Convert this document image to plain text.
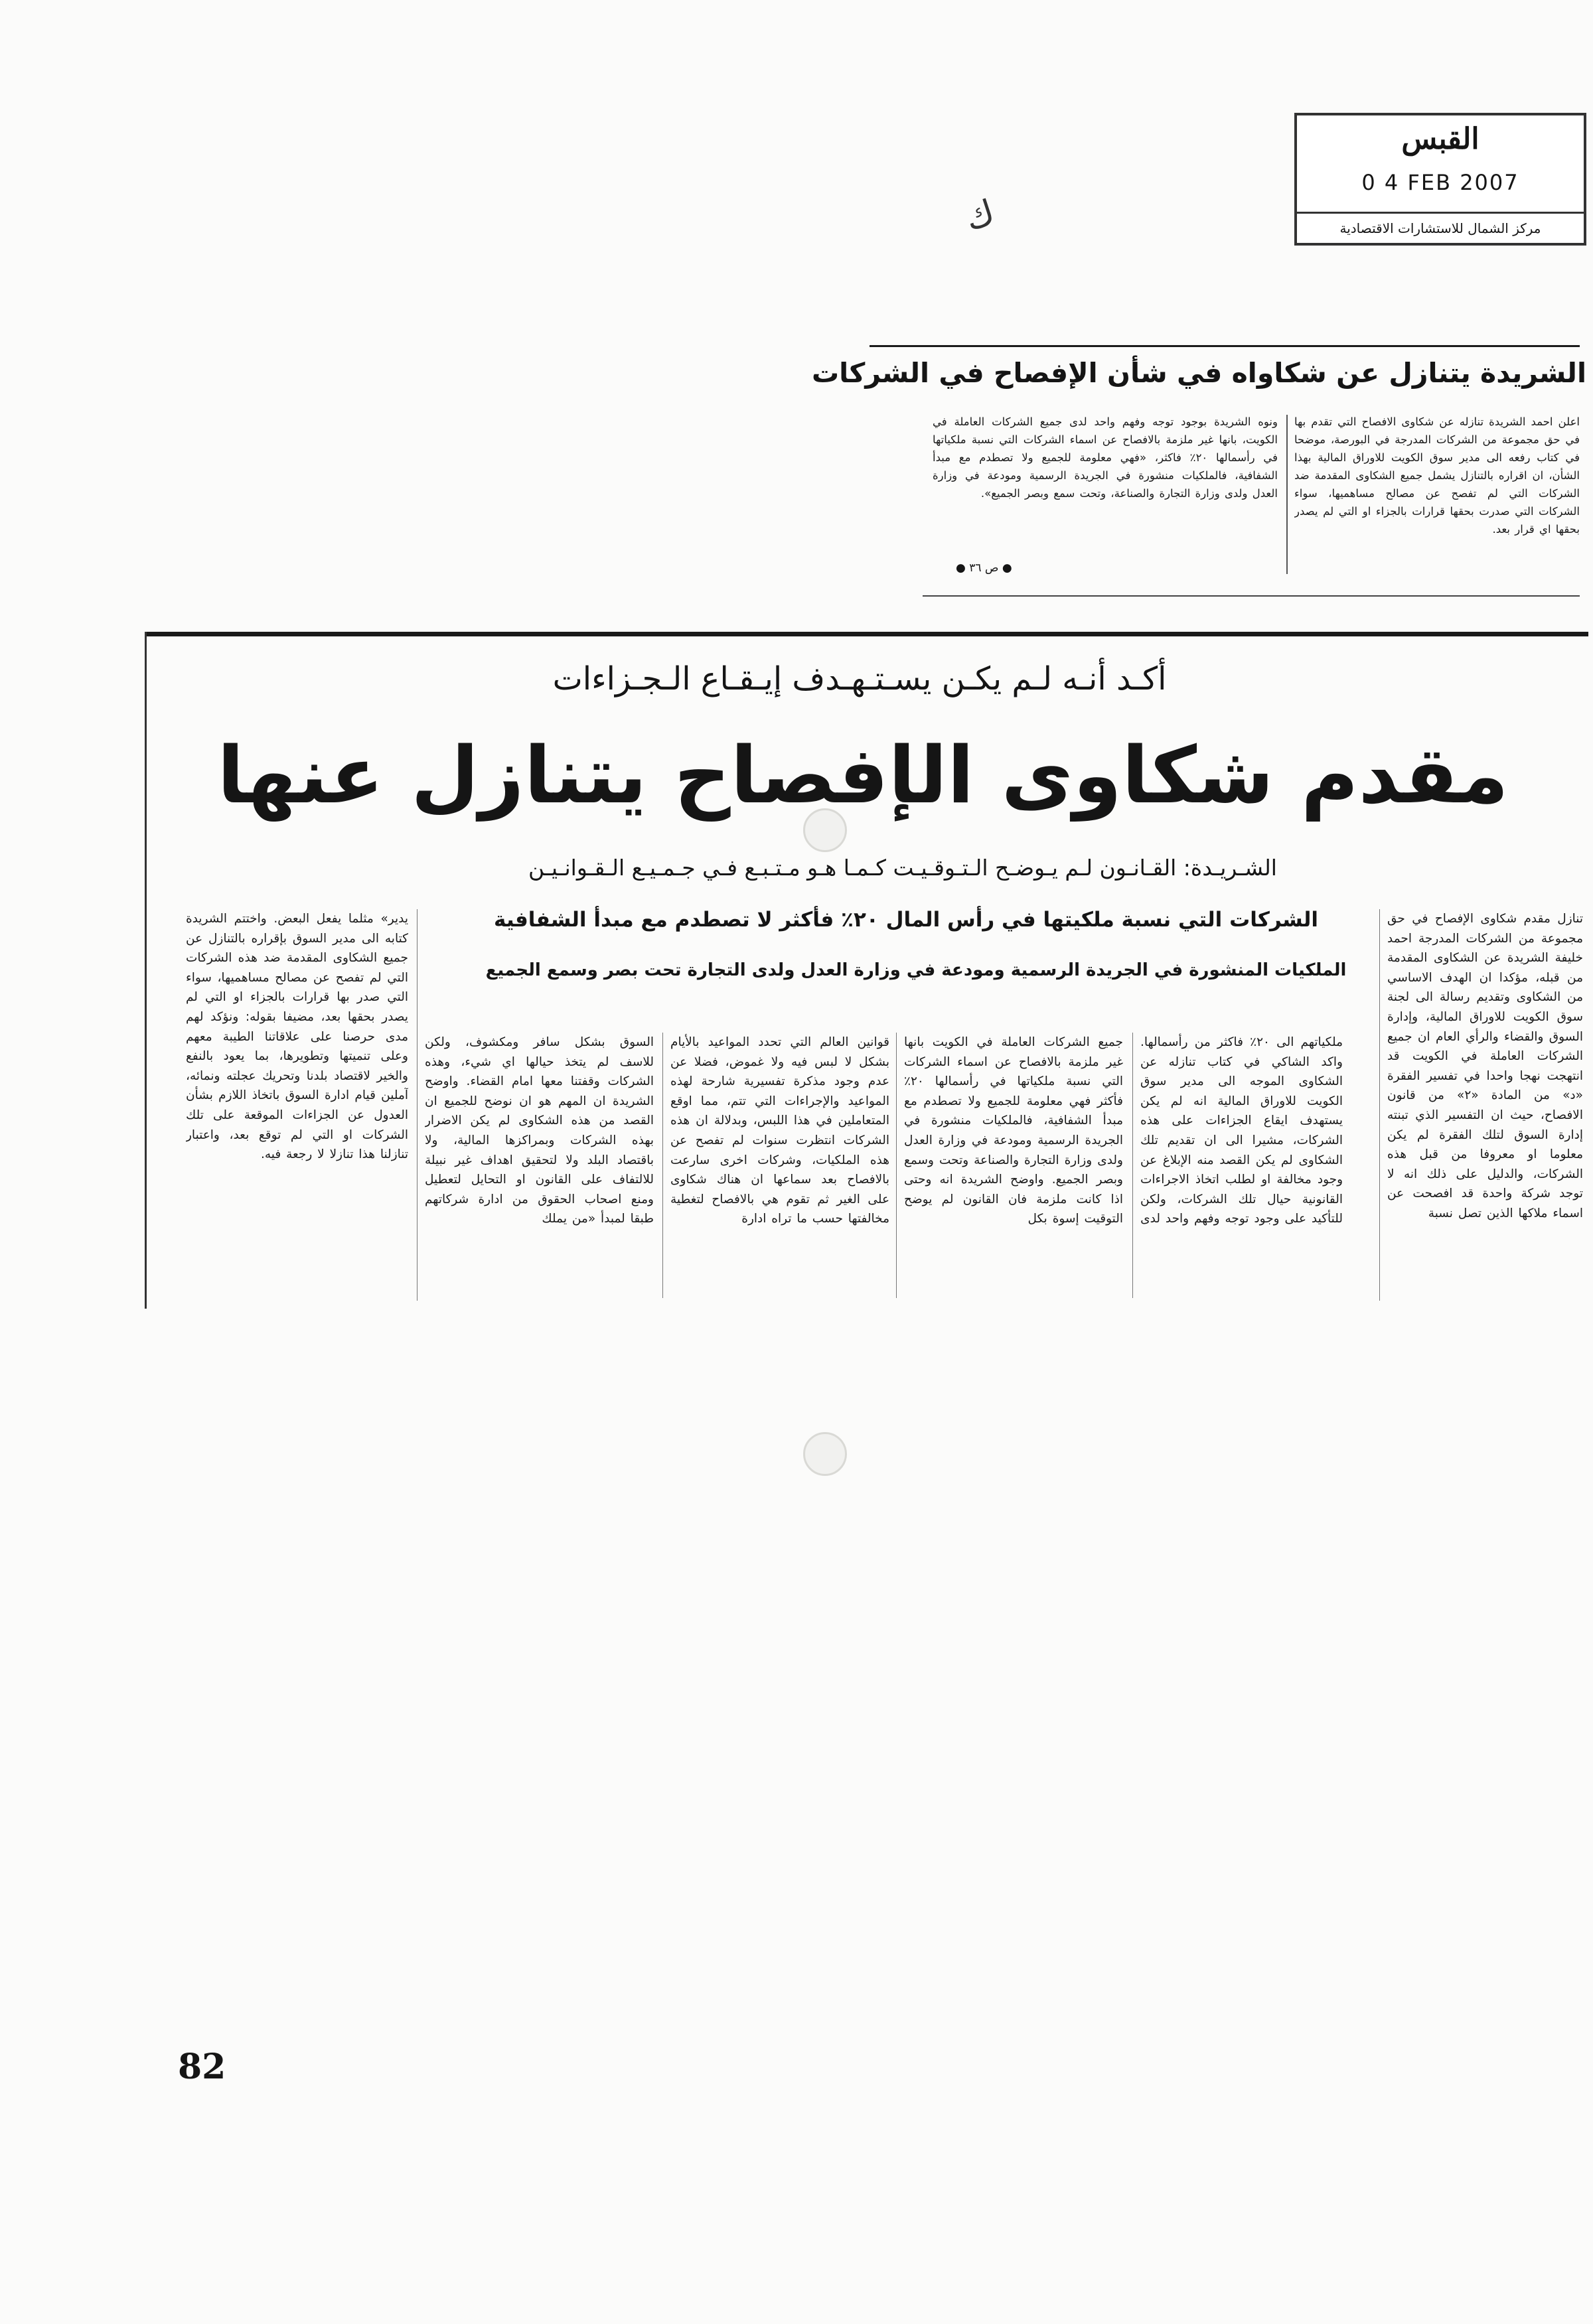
القبس
0 4 FEB 2007
مركز الشمال للاستشارات الاقتصادية
ك
الشريدة يتنازل عن شكاواه في شأن الإفصاح في الشركات
اعلن احمد الشريدة تنازله عن شكاوى الافصاح التي تقدم بها في حق مجموعة من الشركات المدرجة في البورصة، موضحا في كتاب رفعه الى مدير سوق الكويت للاوراق المالية بهذا الشأن، ان اقراره بالتنازل يشمل جميع الشكاوى المقدمة ضد الشركات التي لم تفصح عن مصالح مساهميها، سواء الشركات التي صدرت بحقها قرارات بالجزاء او التي لم يصدر بحقها اي قرار بعد.
ونوه الشريدة بوجود توجه وفهم واحد لدى جميع الشركات العاملة في الكويت، بانها غير ملزمة بالافصاح عن اسماء الشركات التي نسبة ملكياتها في رأسمالها ٢٠٪ فاكثر، «فهي معلومة للجميع ولا تصطدم مع مبدأ الشفافية، فالملكيات منشورة في الجريدة الرسمية ومودعة في وزارة العدل ولدى وزارة التجارة والصناعة، وتحت سمع وبصر الجميع».
● ص ٣٦ ●
أكـد أنـه لـم يكـن يسـتـهـدف إيـقـاع الـجـزاءات
مقدم شكاوى الإفصاح يتنازل عنها
الشـريـدة: القـانـون لـم يـوضـح الـتـوقـيـت كـمـا هـو مـتـبـع فـي جـمـيـع الـقـوانـيـن
الشركات التي نسبة ملكيتها في رأس المال ٢٠٪ فأكثر لا تصطدم مع مبدأ الشفافية
الملكيات المنشورة في الجريدة الرسمية ومودعة في وزارة العدل ولدى التجارة تحت بصر وسمع الجميع
تنازل مقدم شكاوى الإفصاح في حق مجموعة من الشركات المدرجة احمد خليفة الشريدة عن الشكاوى المقدمة من قبله، مؤكدا ان الهدف الاساسي من الشكاوى وتقديم رسالة الى لجنة سوق الكويت للاوراق المالية، وإدارة السوق والقضاء والرأي العام ان جميع الشركات العاملة في الكويت قد انتهجت نهجا واحدا في تفسير الفقرة «د» من المادة «٢» من قانون الافصاح، حيث ان التفسير الذي تبنته إدارة السوق لتلك الفقرة لم يكن معلوما او معروفا من قبل هذه الشركات، والدليل على ذلك انه لا توجد شركة واحدة قد افصحت عن اسماء ملاكها الذين تصل نسبة
ملكياتهم الى ٢٠٪ فاكثر من رأسمالها. واكد الشاكي في كتاب تنازله عن الشكاوى الموجه الى مدير سوق الكويت للاوراق المالية انه لم يكن يستهدف ايقاع الجزاءات على هذه الشركات، مشيرا الى ان تقديم تلك الشكاوى لم يكن القصد منه الإبلاغ عن وجود مخالفة او لطلب اتخاذ الاجراءات القانونية حيال تلك الشركات، ولكن للتأكيد على وجود توجه وفهم واحد لدى
جميع الشركات العاملة في الكويت بانها غير ملزمة بالافصاح عن اسماء الشركات التي نسبة ملكياتها في رأسمالها ٢٠٪ فأكثر فهي معلومة للجميع ولا تصطدم مع مبدأ الشفافية، فالملكيات منشورة في الجريدة الرسمية ومودعة في وزارة العدل ولدى وزارة التجارة والصناعة وتحت وسمع وبصر الجميع. واوضح الشريدة انه وحتى اذا كانت ملزمة فان القانون لم يوضح التوقيت إسوة بكل
قوانين العالم التي تحدد المواعيد بالأيام بشكل لا لبس فيه ولا غموض، فضلا عن عدم وجود مذكرة تفسيرية شارحة لهذه المواعيد والإجراءات التي تتم، مما اوقع المتعاملين في هذا اللبس، وبدلالة ان هذه الشركات انتظرت سنوات لم تفصح عن هذه الملكيات، وشركات اخرى سارعت بالافصاح بعد سماعها ان هناك شكاوى على الغير ثم تقوم هي بالافصاح لتغطية مخالفتها حسب ما تراه ادارة
السوق بشكل سافر ومكشوف، ولكن للاسف لم يتخذ حيالها اي شيء، وهذه الشركات وقفتنا معها امام القضاء. واوضح الشريدة ان المهم هو ان نوضح للجميع ان القصد من هذه الشكاوى لم يكن الاضرار بهذه الشركات وبمراكزها المالية، ولا باقتصاد البلد ولا لتحقيق اهداف غير نبيلة للالتفاف على القانون او التحايل لتعطيل ومنع اصحاب الحقوق من ادارة شركاتهم طبقا لمبدأ «من يملك
يدير» مثلما يفعل البعض. واختتم الشريدة كتابه الى مدير السوق بإقراره بالتنازل عن جميع الشكاوى المقدمة ضد هذه الشركات التي لم تفصح عن مصالح مساهميها، سواء التي صدر بها قرارات بالجزاء او التي لم يصدر بحقها بعد، مضيفا بقوله: ونؤكد لهم مدى حرصنا على علاقاتنا الطيبة معهم وعلى تنميتها وتطويرها، بما يعود بالنفع والخير لاقتصاد بلدنا وتحريك عجلته ونمائه، آملين قيام ادارة السوق باتخاذ اللازم بشأن العدول عن الجزاءات الموقعة على تلك الشركات او التي لم توقع بعد، واعتبار تنازلنا هذا تنازلا لا رجعة فيه.
82
